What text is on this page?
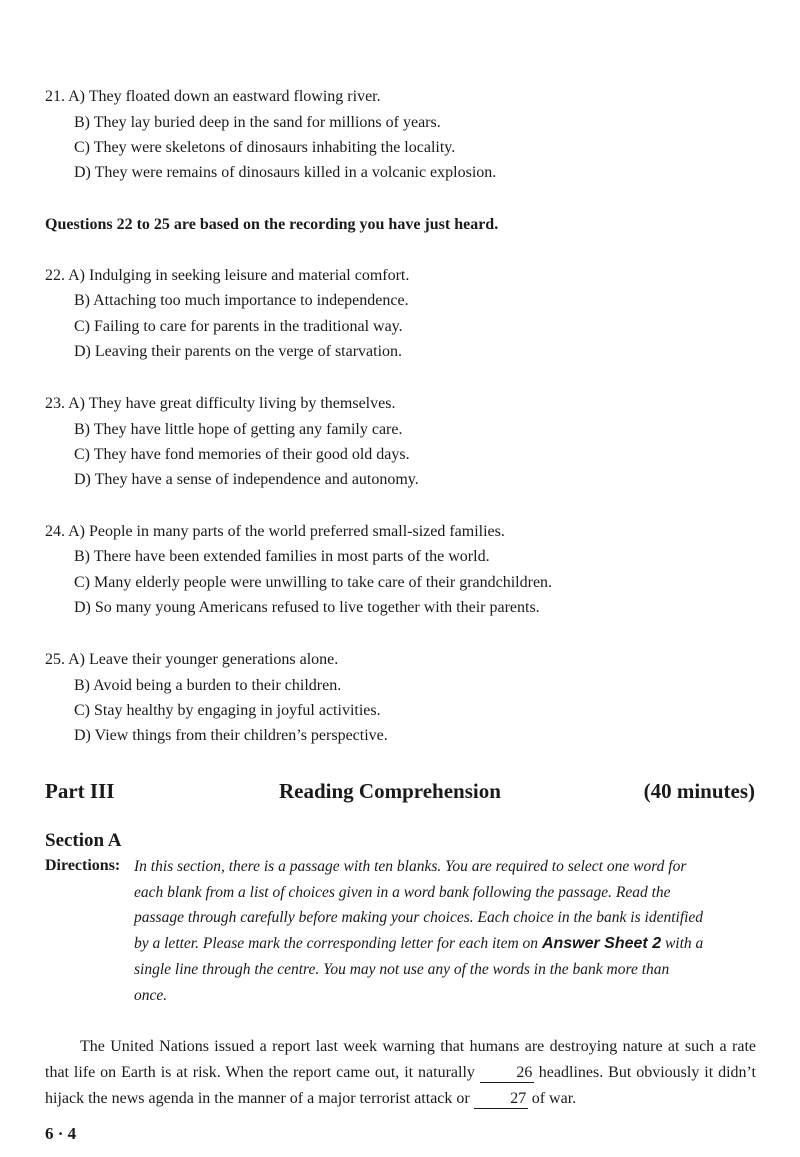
21. A) They floated down an eastward flowing river.
B) They lay buried deep in the sand for millions of years.
C) They were skeletons of dinosaurs inhabiting the locality.
D) They were remains of dinosaurs killed in a volcanic explosion.
Questions 22 to 25 are based on the recording you have just heard.
22. A) Indulging in seeking leisure and material comfort.
B) Attaching too much importance to independence.
C) Failing to care for parents in the traditional way.
D) Leaving their parents on the verge of starvation.
23. A) They have great difficulty living by themselves.
B) They have little hope of getting any family care.
C) They have fond memories of their good old days.
D) They have a sense of independence and autonomy.
24. A) People in many parts of the world preferred small-sized families.
B) There have been extended families in most parts of the world.
C) Many elderly people were unwilling to take care of their grandchildren.
D) So many young Americans refused to live together with their parents.
25. A) Leave their younger generations alone.
B) Avoid being a burden to their children.
C) Stay healthy by engaging in joyful activities.
D) View things from their children’s perspective.
Part III	Reading Comprehension	(40 minutes)
Section A
Directions: In this section, there is a passage with ten blanks. You are required to select one word for
each blank from a list of choices given in a word bank following the passage. Read the
passage through carefully before making your choices. Each choice in the bank is identified
by a letter. Please mark the corresponding letter for each item on Answer Sheet 2 with a
single line through the centre. You may not use any of the words in the bank more than
once.
The United Nations issued a report last week warning that humans are destroying nature at such a rate that life on Earth is at risk. When the report came out, it naturally	26 headlines. But obviously it didn’t hijack the news agenda in the manner of a major terrorist attack or	27 of war.
6 · 4
